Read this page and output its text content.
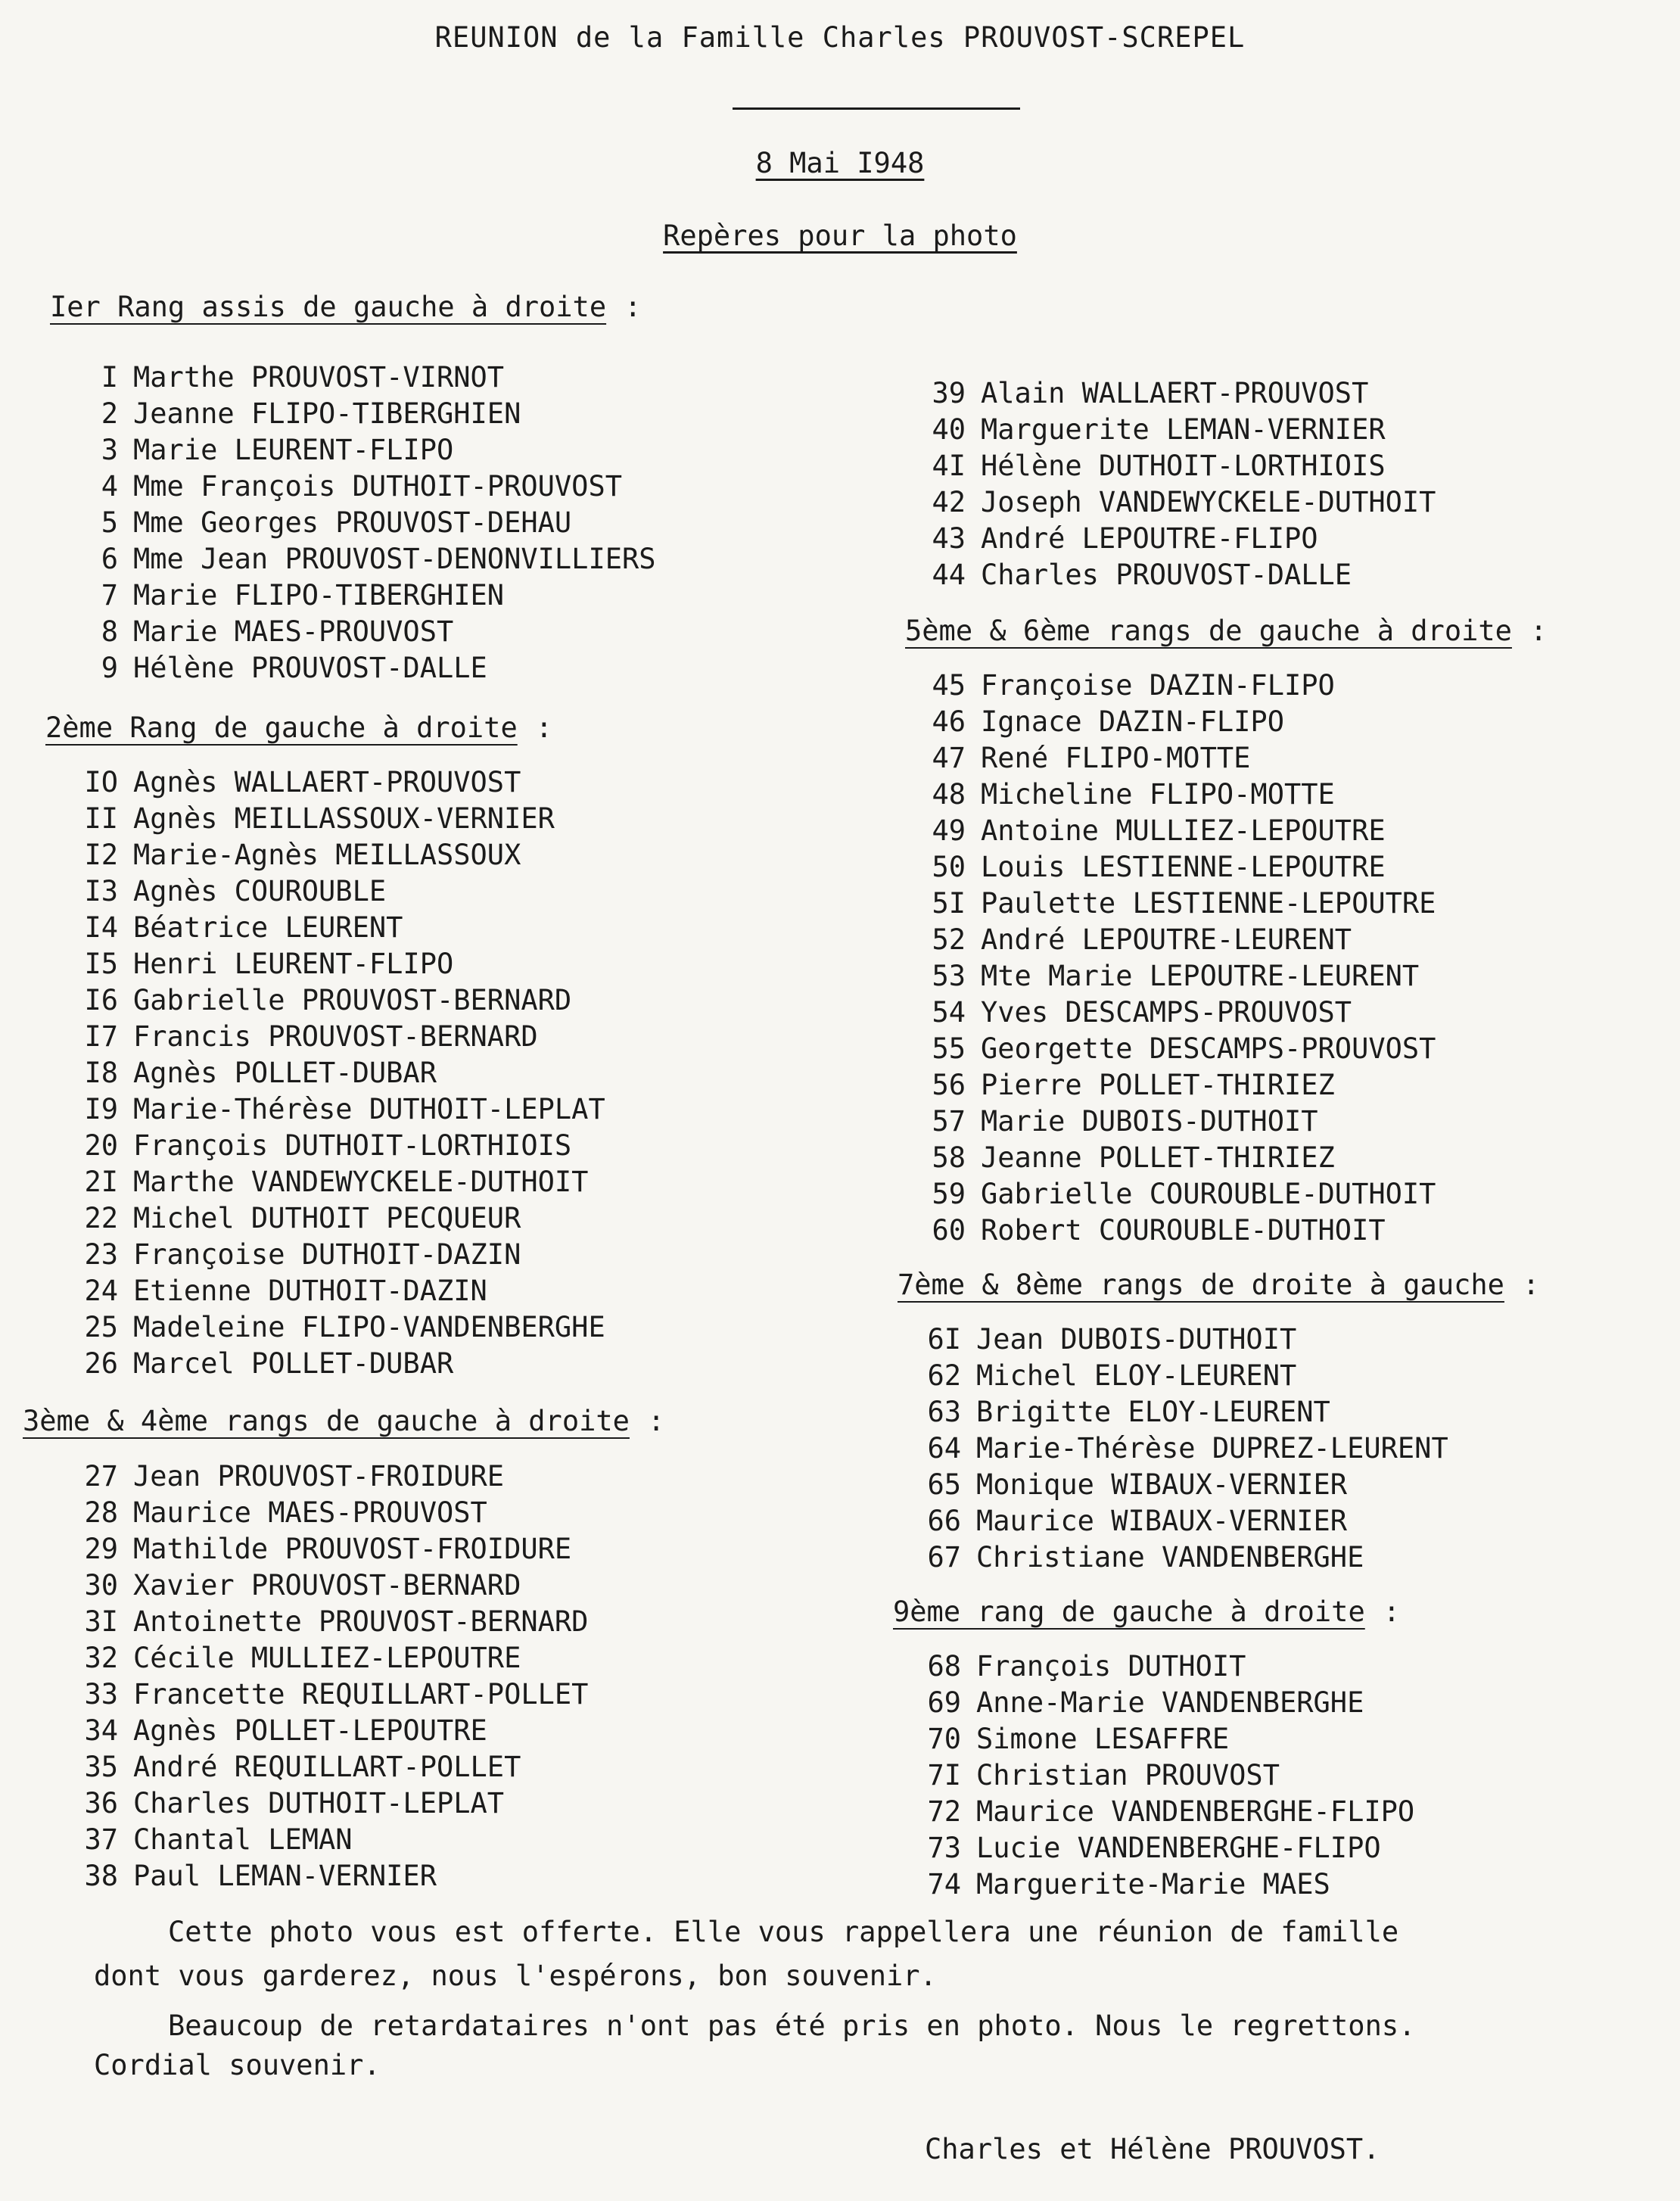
REUNION de la Famille Charles PROUVOST-SCREPEL
8 Mai I948
Repères pour la photo
Ier Rang assis de gauche à droite :
I Marthe PROUVOST-VIRNOT
2 Jeanne FLIPO-TIBERGHIEN
3 Marie LEURENT-FLIPO
4 Mme François DUTHOIT-PROUVOST
5 Mme Georges PROUVOST-DEHAU
6 Mme Jean PROUVOST-DENONVILLIERS
7 Marie FLIPO-TIBERGHIEN
8 Marie MAES-PROUVOST
9 Hélène PROUVOST-DALLE
2ème Rang de gauche à droite :
IO Agnès WALLAERT-PROUVOST
II Agnès MEILLASSOUX-VERNIER
I2 Marie-Agnès MEILLASSOUX
I3 Agnès COUROUBLE
I4 Béatrice LEURENT
I5 Henri LEURENT-FLIPO
I6 Gabrielle PROUVOST-BERNARD
I7 Francis PROUVOST-BERNARD
I8 Agnès POLLET-DUBAR
I9 Marie-Thérèse DUTHOIT-LEPLAT
20 François DUTHOIT-LORTHIOIS
2I Marthe VANDEWYCKELE-DUTHOIT
22 Michel DUTHOIT PECQUEUR
23 Françoise DUTHOIT-DAZIN
24 Etienne DUTHOIT-DAZIN
25 Madeleine FLIPO-VANDENBERGHE
26 Marcel POLLET-DUBAR
3ème & 4ème rangs de gauche à droite :
27 Jean PROUVOST-FROIDURE
28 Maurice MAES-PROUVOST
29 Mathilde PROUVOST-FROIDURE
30 Xavier PROUVOST-BERNARD
3I Antoinette PROUVOST-BERNARD
32 Cécile MULLIEZ-LEPOUTRE
33 Francette REQUILLART-POLLET
34 Agnès POLLET-LEPOUTRE
35 André REQUILLART-POLLET
36 Charles DUTHOIT-LEPLAT
37 Chantal LEMAN
38 Paul LEMAN-VERNIER
39 Alain WALLAERT-PROUVOST
40 Marguerite LEMAN-VERNIER
4I Hélène DUTHOIT-LORTHIOIS
42 Joseph VANDEWYCKELE-DUTHOIT
43 André LEPOUTRE-FLIPO
44 Charles PROUVOST-DALLE
5ème & 6ème rangs de gauche à droite :
45 Françoise DAZIN-FLIPO
46 Ignace DAZIN-FLIPO
47 René FLIPO-MOTTE
48 Micheline FLIPO-MOTTE
49 Antoine MULLIEZ-LEPOUTRE
50 Louis LESTIENNE-LEPOUTRE
5I Paulette LESTIENNE-LEPOUTRE
52 André LEPOUTRE-LEURENT
53 Mte Marie LEPOUTRE-LEURENT
54 Yves DESCAMPS-PROUVOST
55 Georgette DESCAMPS-PROUVOST
56 Pierre POLLET-THIRIEZ
57 Marie DUBOIS-DUTHOIT
58 Jeanne POLLET-THIRIEZ
59 Gabrielle COUROUBLE-DUTHOIT
60 Robert COUROUBLE-DUTHOIT
7ème & 8ème rangs de droite à gauche :
6I Jean DUBOIS-DUTHOIT
62 Michel ELOY-LEURENT
63 Brigitte ELOY-LEURENT
64 Marie-Thérèse DUPREZ-LEURENT
65 Monique WIBAUX-VERNIER
66 Maurice WIBAUX-VERNIER
67 Christiane VANDENBERGHE
9ème rang de gauche à droite :
68 François DUTHOIT
69 Anne-Marie VANDENBERGHE
70 Simone LESAFFRE
7I Christian PROUVOST
72 Maurice VANDENBERGHE-FLIPO
73 Lucie VANDENBERGHE-FLIPO
74 Marguerite-Marie MAES
Cette photo vous est offerte. Elle vous rappellera une réunion de famille
dont vous garderez, nous l'espérons, bon souvenir.
Beaucoup de retardataires n'ont pas été pris en photo. Nous le regrettons.
Cordial souvenir.
Charles et Hélène PROUVOST.
